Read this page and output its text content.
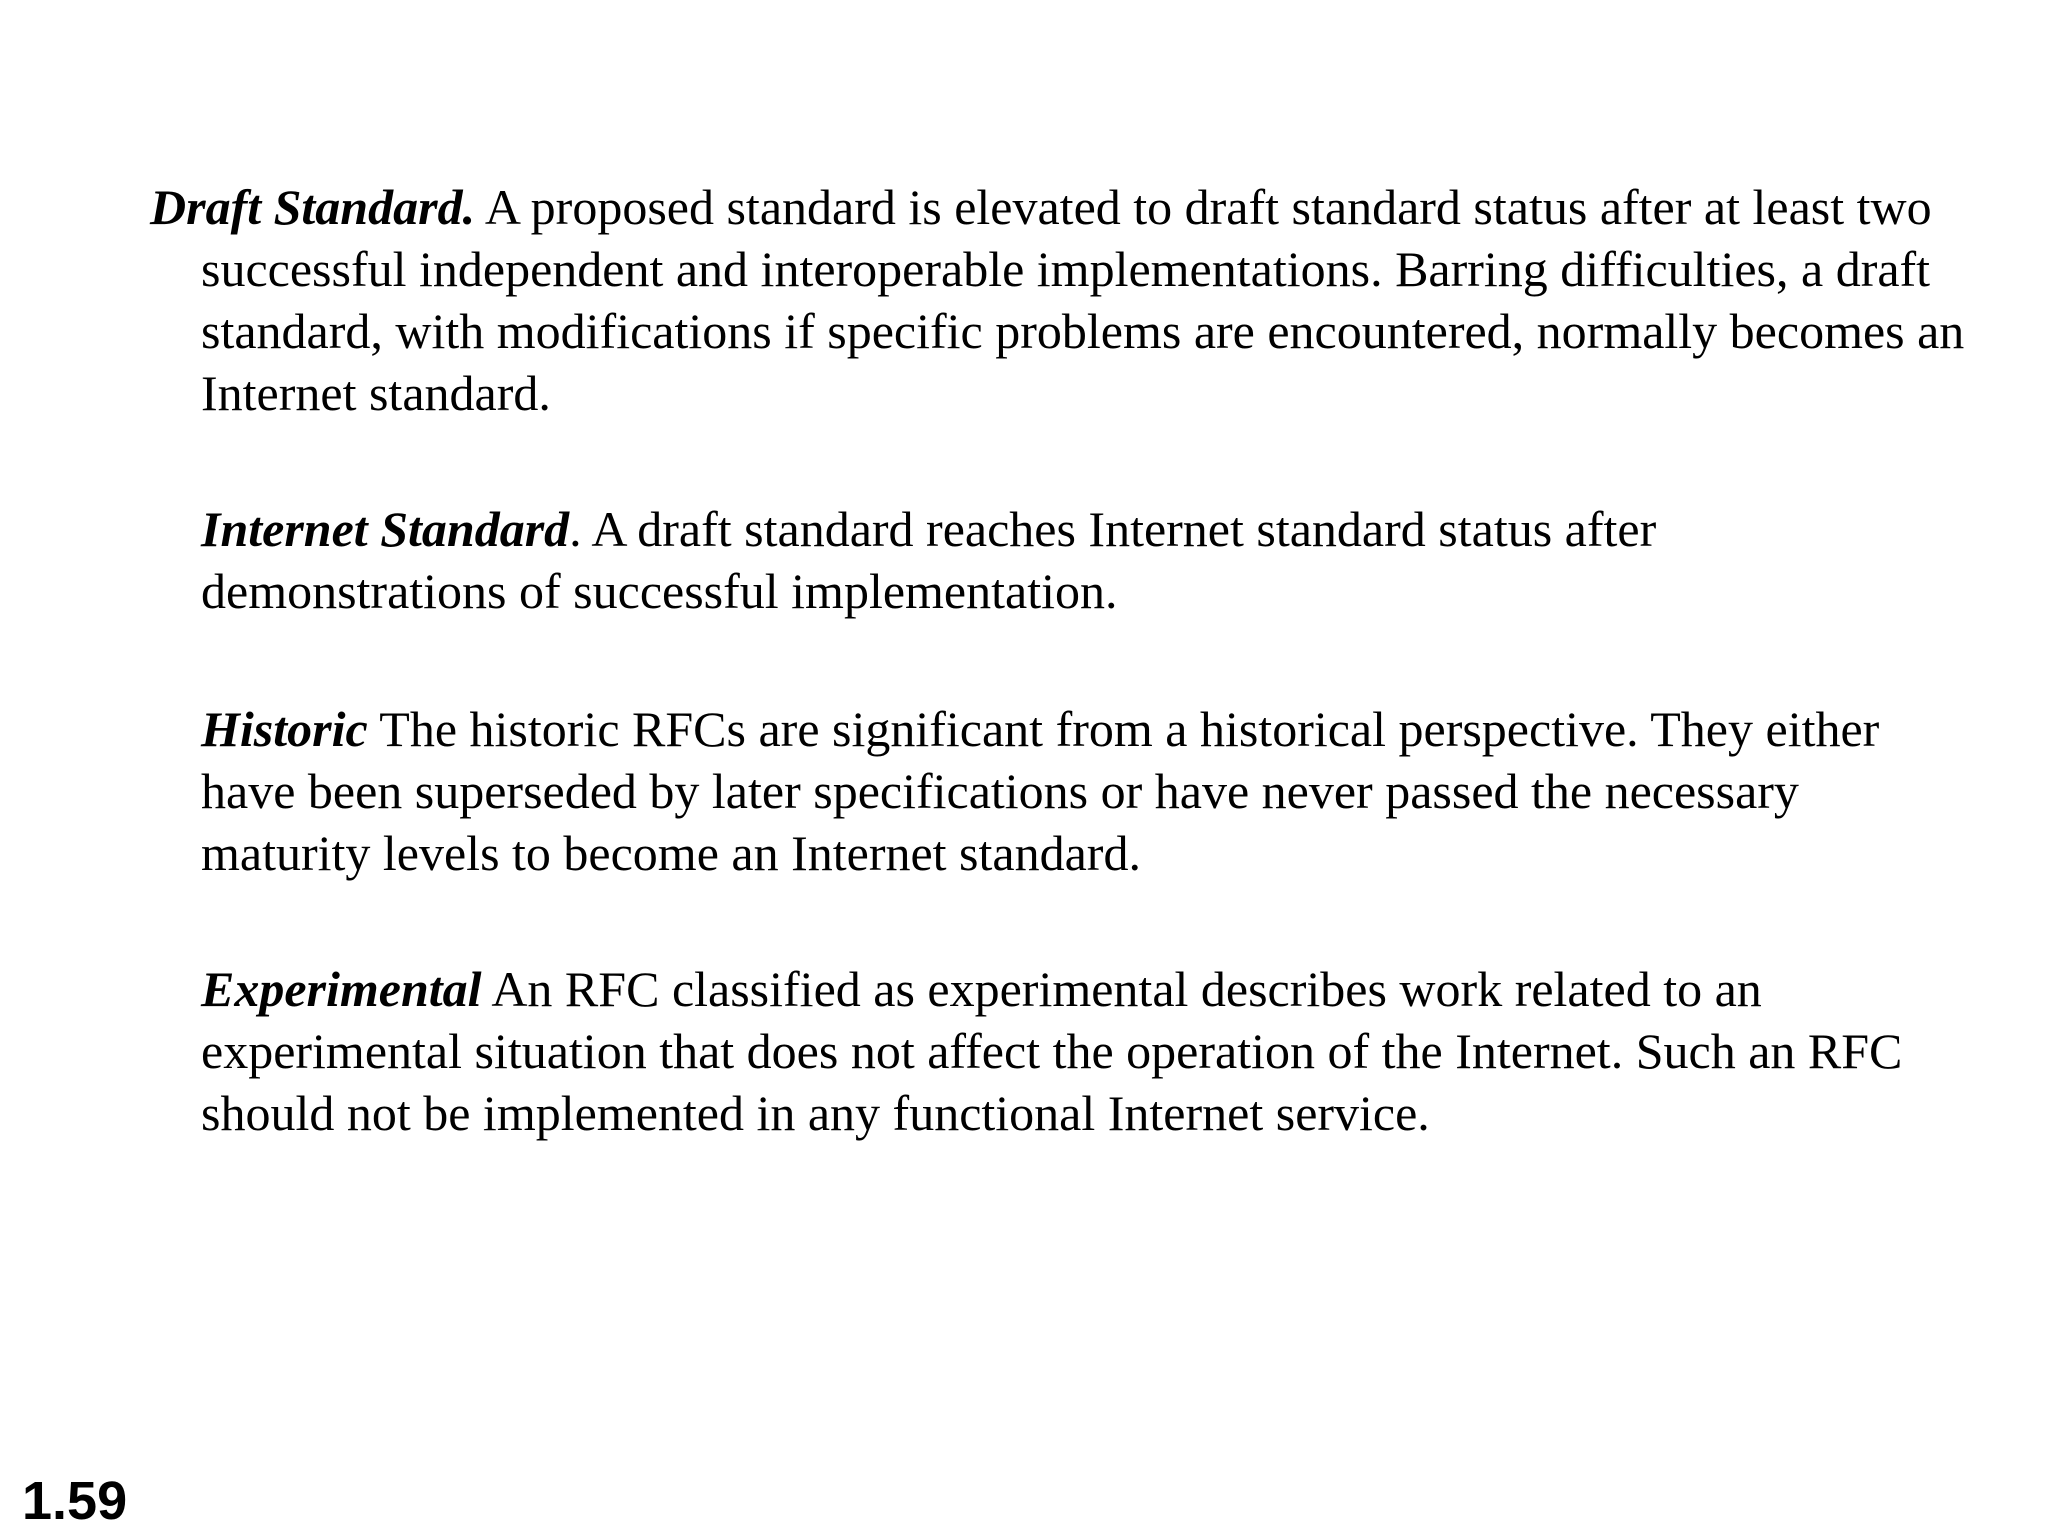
Draft Standard. A proposed standard is elevated to draft standard status after at least two successful independent and interoperable implementations. Barring difficulties, a draft standard, with modifications if specific problems are encountered, normally becomes an Internet standard.
Internet Standard. A draft standard reaches Internet standard status after demonstrations of successful implementation.
Historic The historic RFCs are significant from a historical perspective. They either have been superseded by later specifications or have never passed the necessary maturity levels to become an Internet standard.
Experimental An RFC classified as experimental describes work related to an experimental situation that does not affect the operation of the Internet. Such an RFC should not be implemented in any functional Internet service.
1.59
